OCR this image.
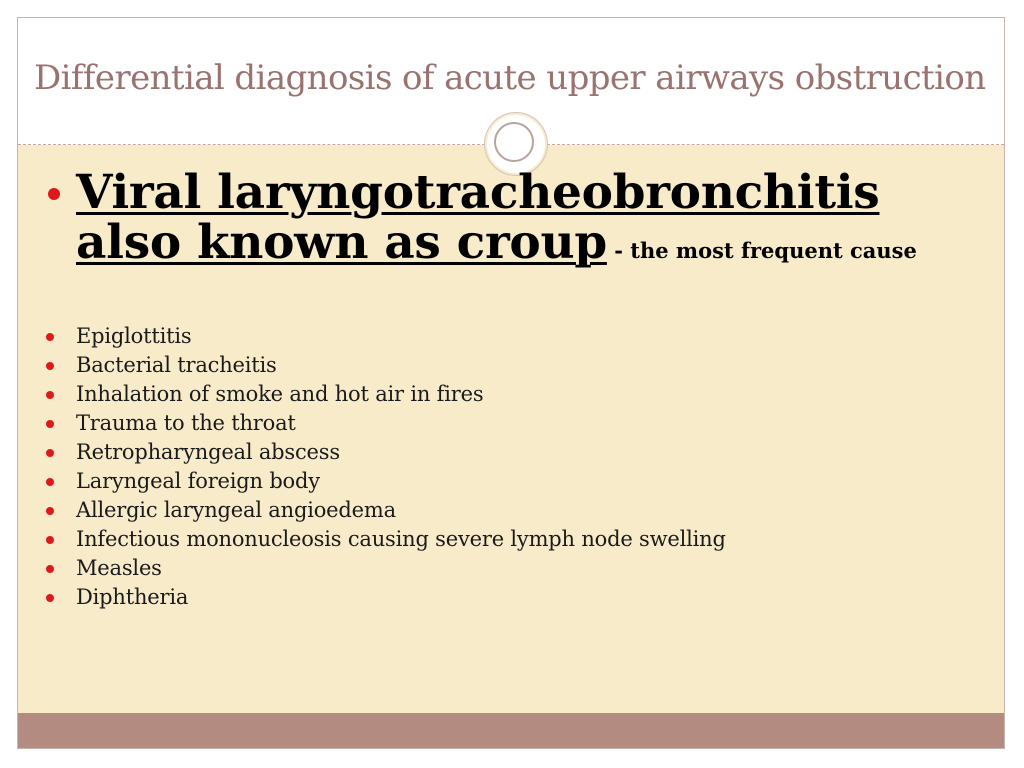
Differential diagnosis of acute upper airways obstruction
Viral laryngotracheobronchitis
also known as croup - the most frequent cause
Epiglottitis
Bacterial tracheitis
Inhalation of smoke and hot air in fires
Trauma to the throat
Retropharyngeal abscess
Laryngeal foreign body
Allergic laryngeal angioedema
Infectious mononucleosis causing severe lymph node swelling
Measles
Diphtheria
